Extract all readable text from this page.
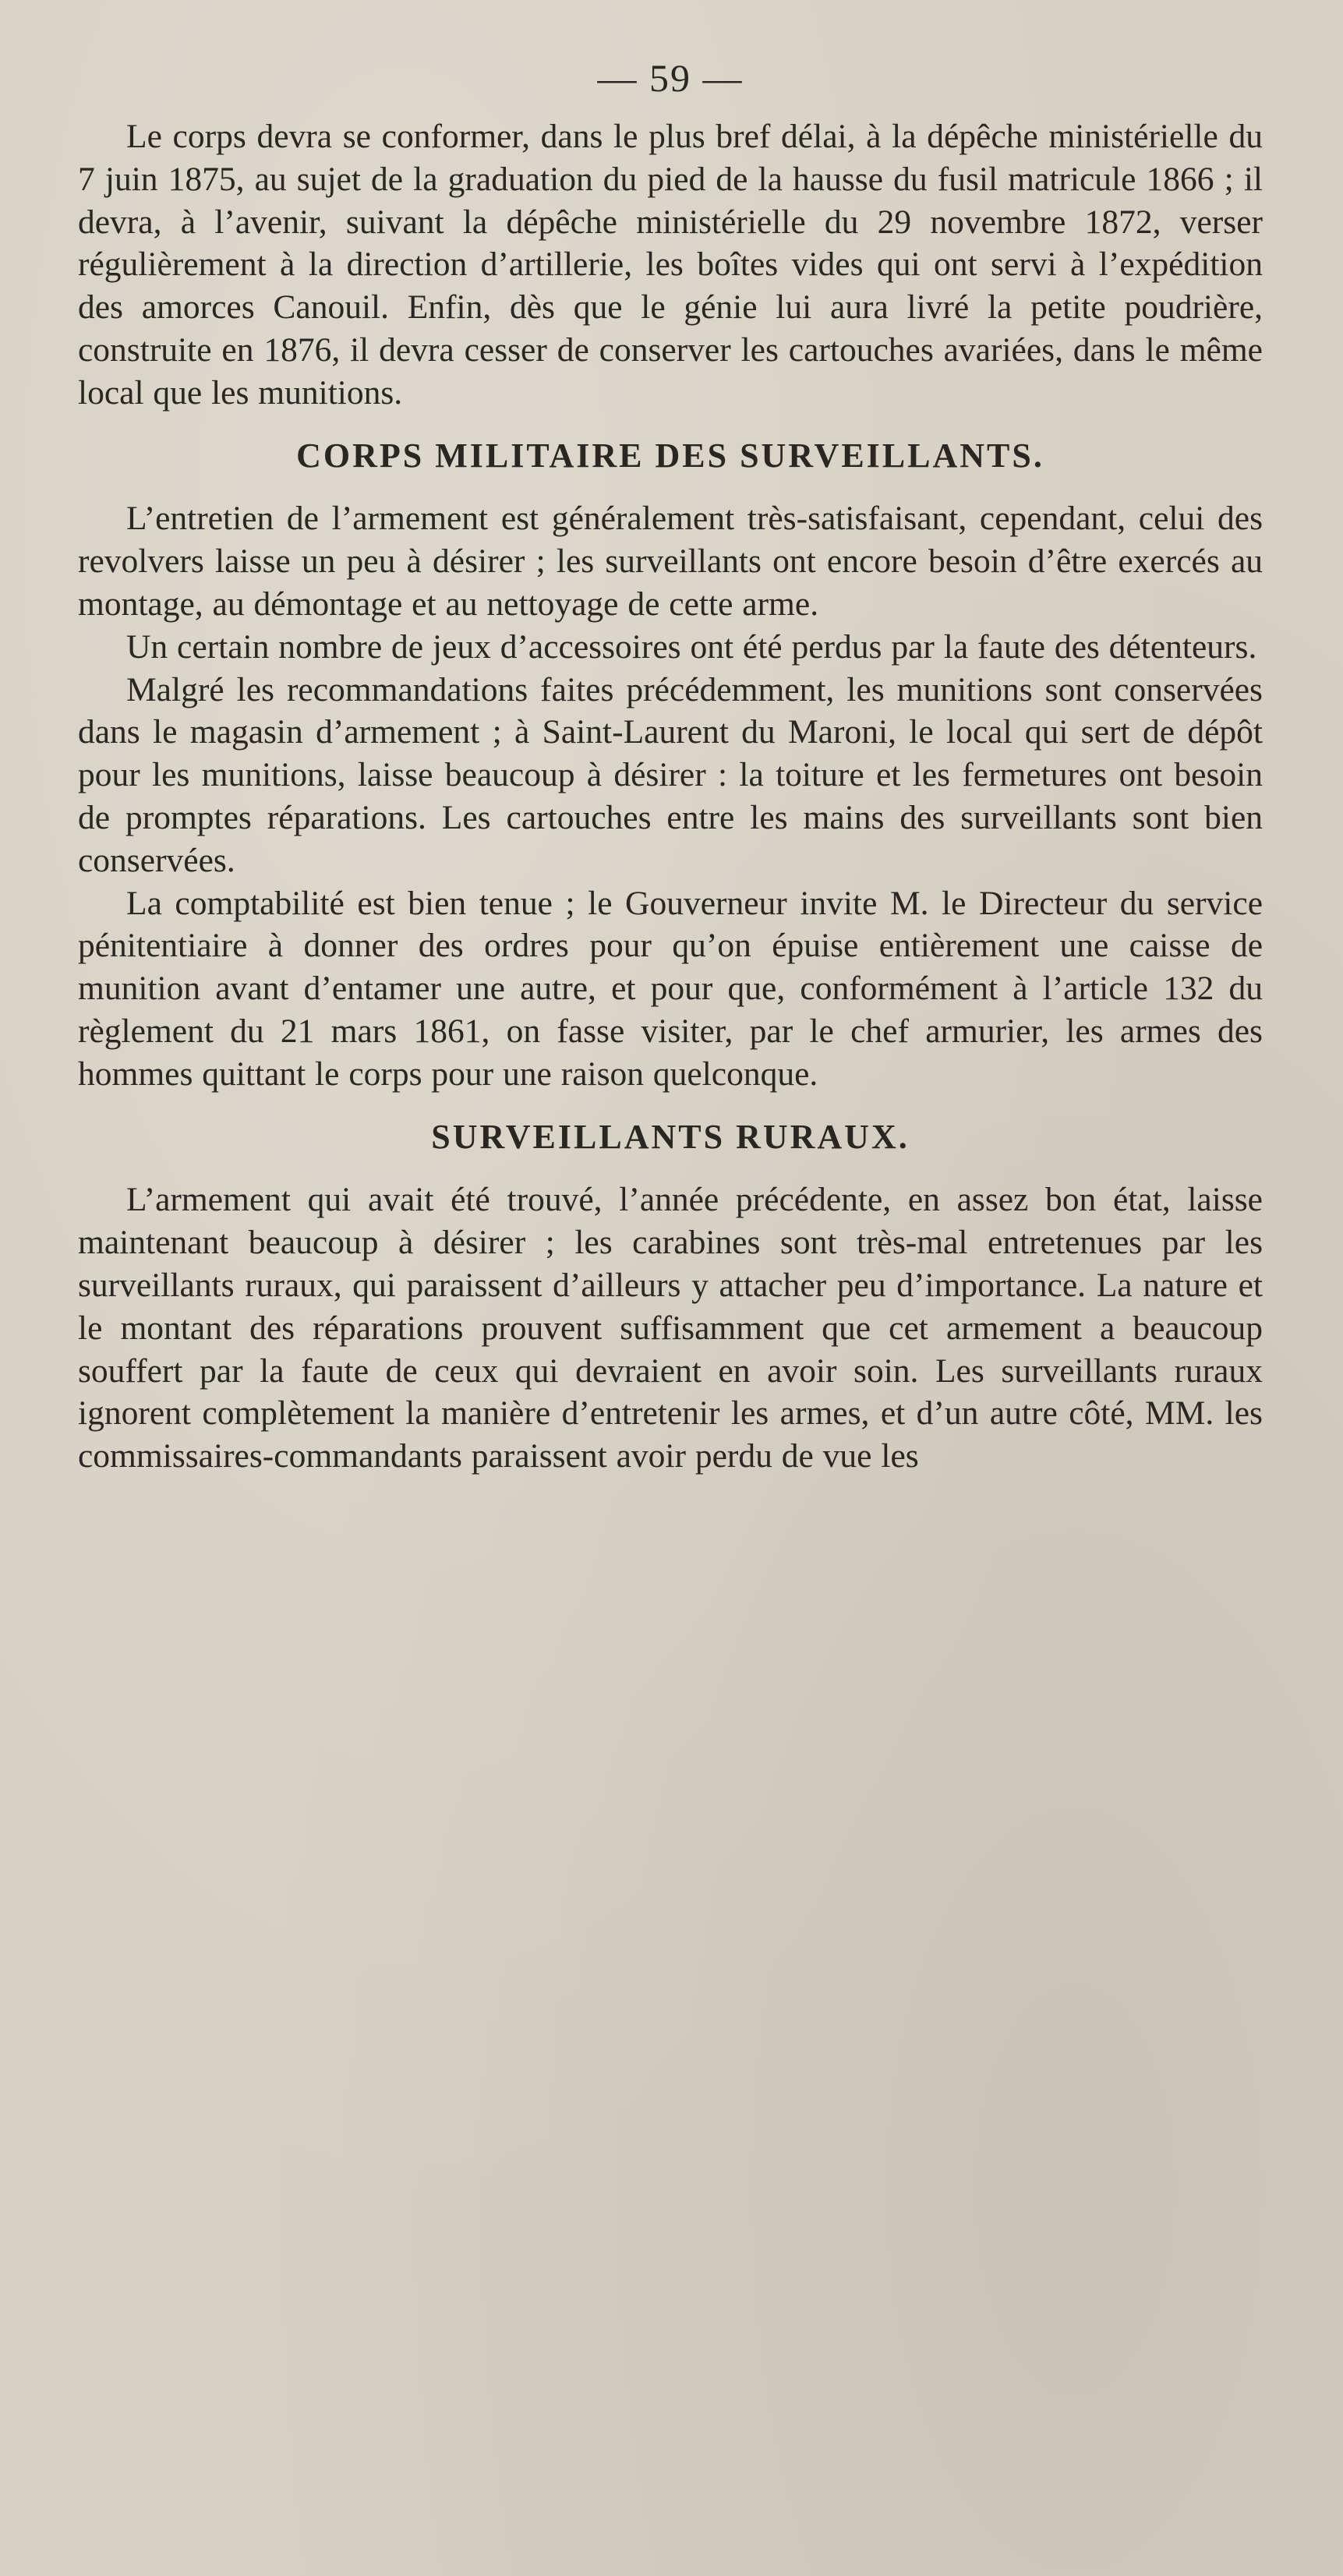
— 59 —

Le corps devra se conformer, dans le plus bref délai, à la dépêche ministérielle du 7 juin 1875, au sujet de la graduation du pied de la hausse du fusil matricule 1866 ; il devra, à l’avenir, suivant la dépêche ministérielle du 29 novembre 1872, verser régulièrement à la direction d’artillerie, les boîtes vides qui ont servi à l’expédition des amorces Canouil. Enfin, dès que le génie lui aura livré la petite poudrière, construite en 1876, il devra cesser de conserver les cartouches avariées, dans le même local que les munitions.

CORPS MILITAIRE DES SURVEILLANTS.

L’entretien de l’armement est généralement très-satisfaisant, cependant, celui des revolvers laisse un peu à désirer ; les surveillants ont encore besoin d’être exercés au montage, au démontage et au nettoyage de cette arme.

Un certain nombre de jeux d’accessoires ont été perdus par la faute des détenteurs.

Malgré les recommandations faites précédemment, les munitions sont conservées dans le magasin d’armement ; à Saint-Laurent du Maroni, le local qui sert de dépôt pour les munitions, laisse beaucoup à désirer : la toiture et les fermetures ont besoin de promptes réparations. Les cartouches entre les mains des surveillants sont bien conservées.

La comptabilité est bien tenue ; le Gouverneur invite M. le Directeur du service pénitentiaire à donner des ordres pour qu’on épuise entièrement une caisse de munition avant d’entamer une autre, et pour que, conformément à l’article 132 du règlement du 21 mars 1861, on fasse visiter, par le chef armurier, les armes des hommes quittant le corps pour une raison quelconque.

SURVEILLANTS RURAUX.

L’armement qui avait été trouvé, l’année précédente, en assez bon état, laisse maintenant beaucoup à désirer ; les carabines sont très-mal entretenues par les surveillants ruraux, qui paraissent d’ailleurs y attacher peu d’importance. La nature et le montant des réparations prouvent suffisamment que cet armement a beaucoup souffert par la faute de ceux qui devraient en avoir soin. Les surveillants ruraux ignorent complètement la manière d’entretenir les armes, et d’un autre côté, MM. les commissaires-commandants paraissent avoir perdu de vue les
